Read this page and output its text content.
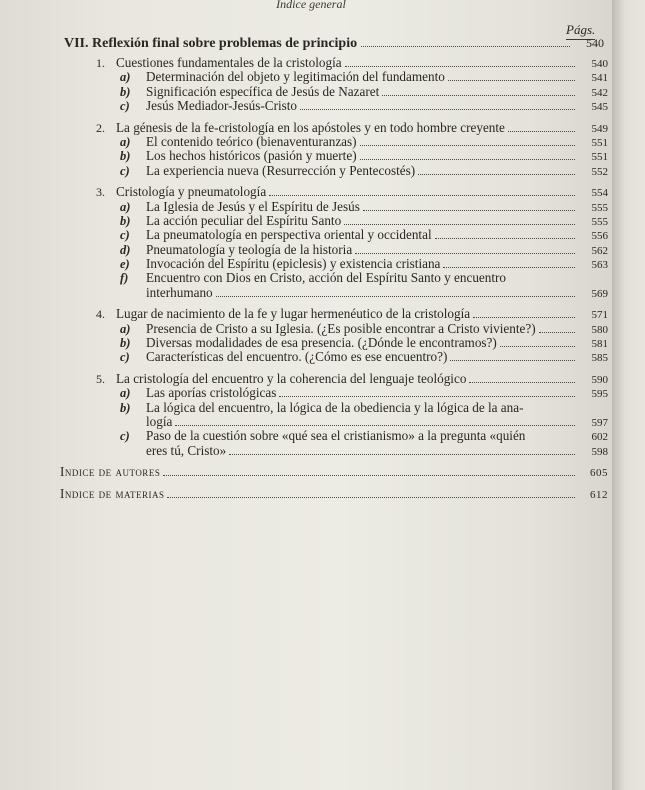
Indice general
Págs.
VII. Reflexión final sobre problemas de principio	540
1. Cuestiones fundamentales de la cristología	540
a) Determinación del objeto y legitimación del fundamento	541
b) Significación específica de Jesús de Nazaret	542
c) Jesús Mediador-Jesús-Cristo	545
2. La génesis de la fe-cristología en los apóstoles y en todo hombre creyente	549
a) El contenido teórico (bienaventuranzas)	551
b) Los hechos históricos (pasión y muerte)	551
c) La experiencia nueva (Resurrección y Pentecostés)	552
3. Cristología y pneumatología	554
a) La Iglesia de Jesús y el Espíritu de Jesús	555
b) La acción peculiar del Espíritu Santo	555
c) La pneumatología en perspectiva oriental y occidental	556
d) Pneumatología y teología de la historia	562
e) Invocación del Espíritu (epiclesis) y existencia cristiana	563
f) Encuentro con Dios en Cristo, acción del Espíritu Santo y encuentro
interhumano	569
4. Lugar de nacimiento de la fe y lugar hermenéutico de la cristología	571
a) Presencia de Cristo a su Iglesia. (¿Es posible encontrar a Cristo viviente?)	580
b) Diversas modalidades de esa presencia. (¿Dónde le encontramos?)	581
c) Características del encuentro. (¿Cómo es ese encuentro?)	585
5. La cristología del encuentro y la coherencia del lenguaje teológico	590
a) Las aporías cristológicas	595
b) La lógica del encuentro, la lógica de la obediencia y la lógica de la ana-
logía	597
c) Paso de la cuestión sobre «qué sea el cristianismo» a la pregunta «quién	602
eres tú, Cristo»	598
Indice de autores	605
Indice de materias	612
